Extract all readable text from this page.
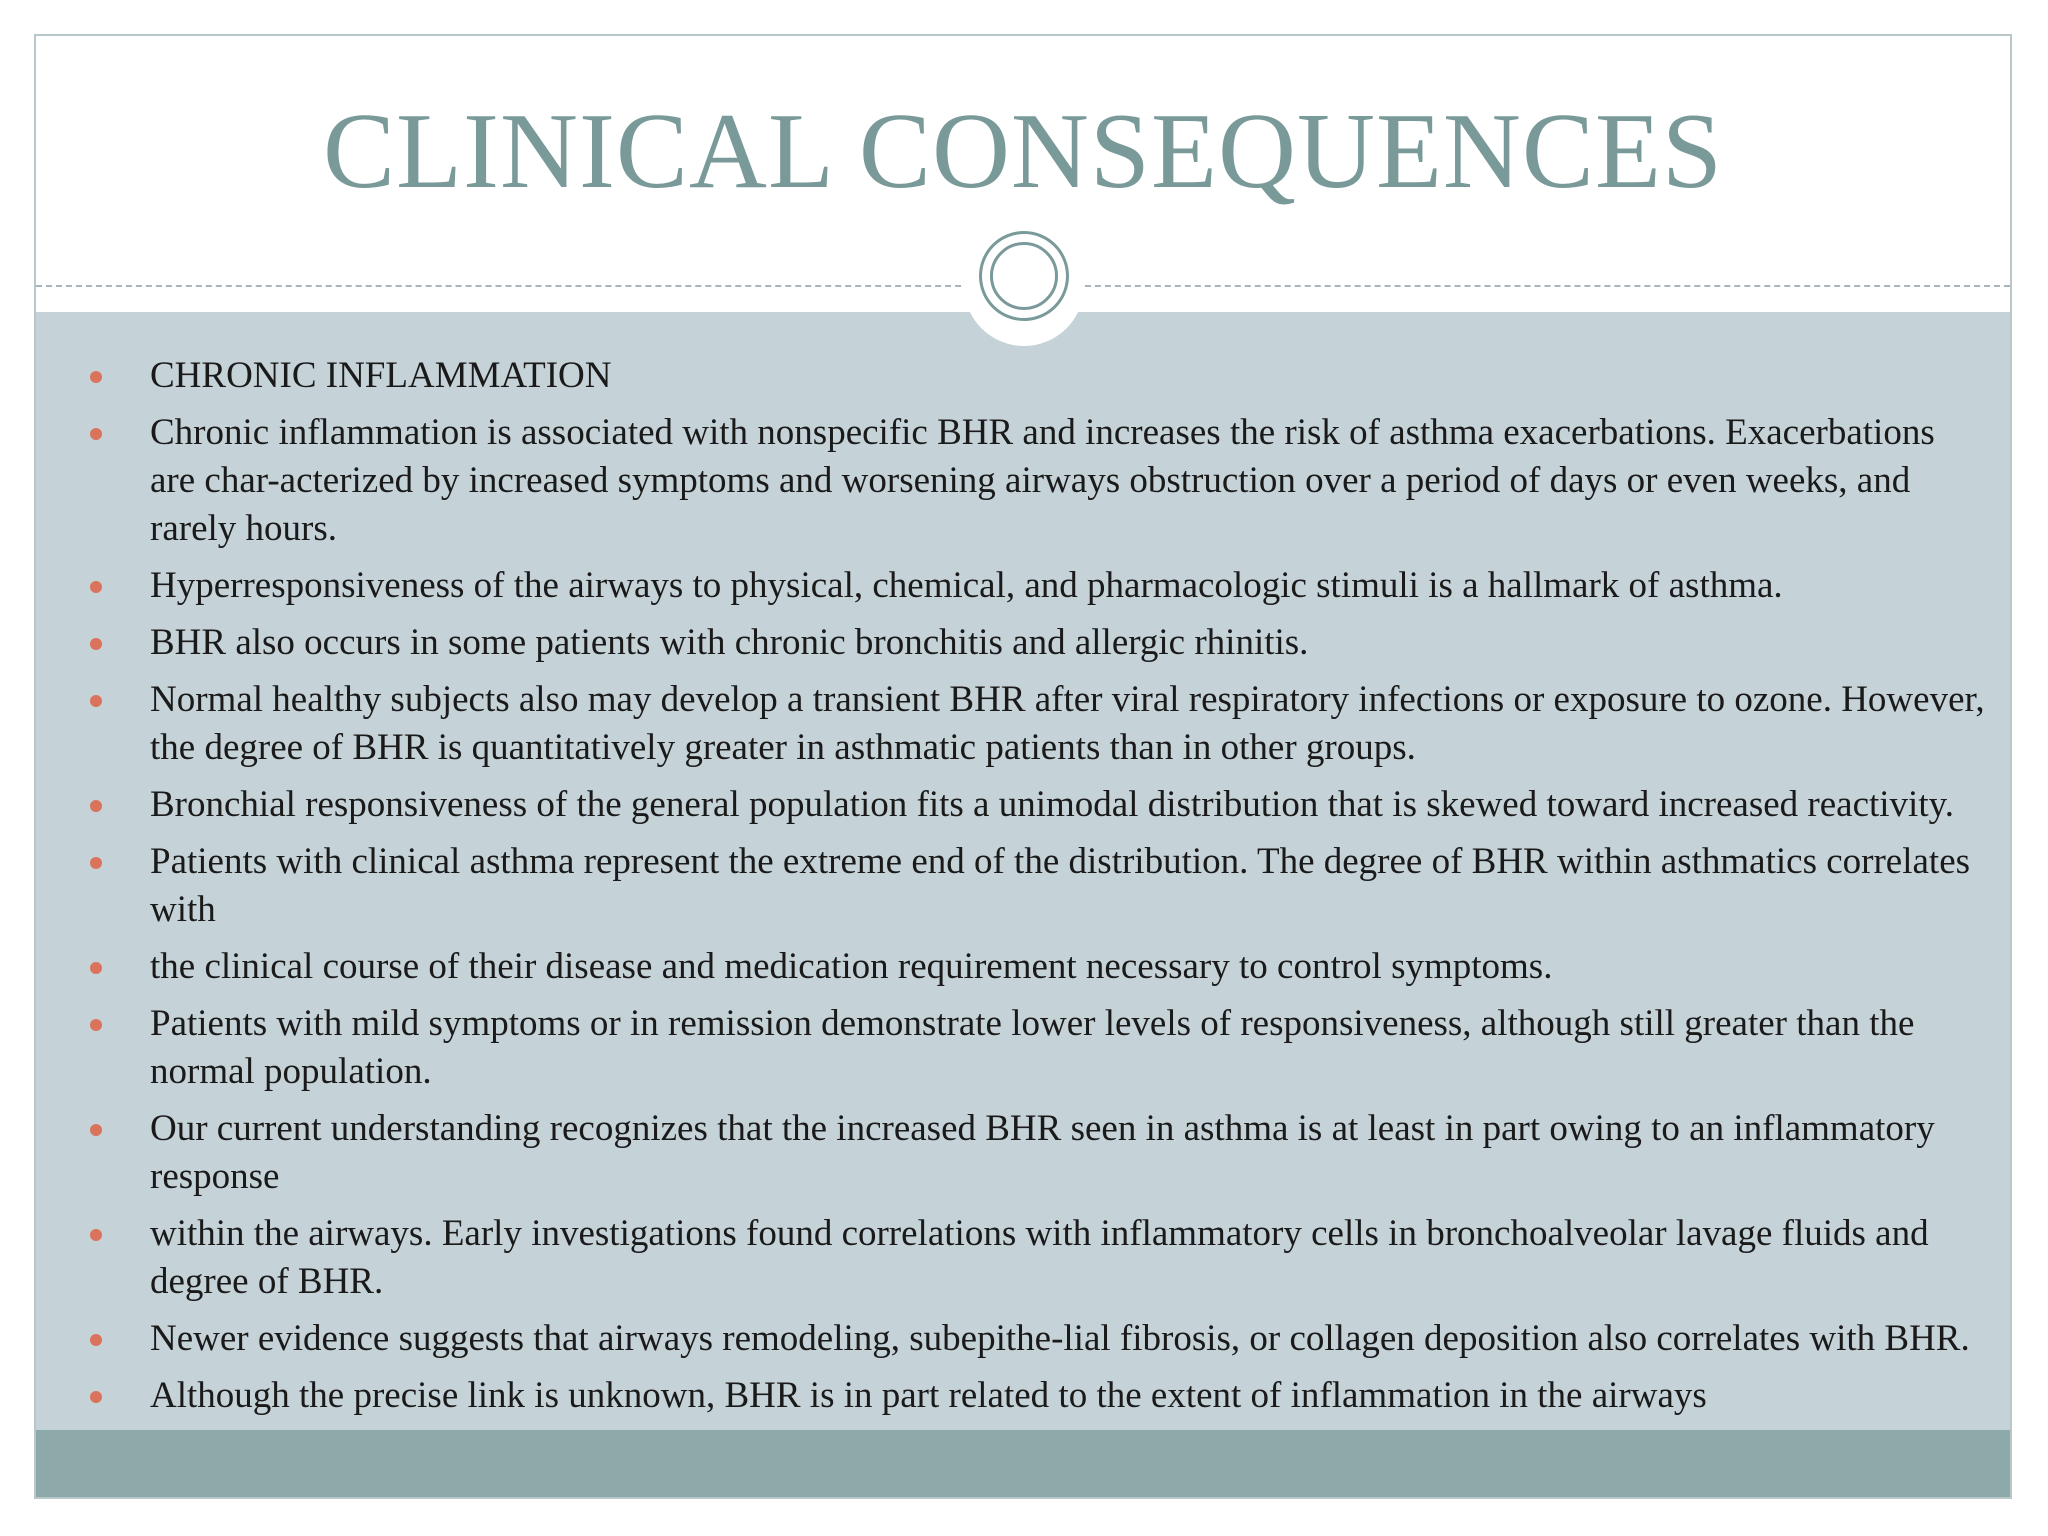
CLINICAL CONSEQUENCES
CHRONIC INFLAMMATION
Chronic inflammation is associated with nonspecific BHR and increases the risk of asthma exacerbations. Exacerbations are char-acterized by increased symptoms and worsening airways obstruction over a period of days or even weeks, and rarely hours.
Hyperresponsiveness of the airways to physical, chemical, and pharmacologic stimuli is a hallmark of asthma.
BHR also occurs in some patients with chronic bronchitis and allergic rhinitis.
Normal healthy subjects also may develop a transient BHR after viral respiratory infections or exposure to ozone. However, the degree of BHR is quantitatively greater in asthmatic patients than in other groups.
Bronchial responsiveness of the general population fits a unimodal distribution that is skewed toward increased reactivity.
Patients with clinical asthma represent the extreme end of the distribution. The degree of BHR within asthmatics correlates with
the clinical course of their disease and medication requirement necessary to control symptoms.
Patients with mild symptoms or in remission demonstrate lower levels of responsiveness, although still greater than the normal population.
Our current understanding recognizes that the increased BHR seen in asthma is at least in part owing to an inflammatory response
within the airways. Early investigations found correlations with inflammatory cells in bronchoalveolar lavage fluids and degree of BHR.
Newer evidence suggests that airways remodeling, subepithe-lial fibrosis, or collagen deposition also correlates with BHR.
Although the precise link is unknown, BHR is in part related to the extent of inflammation in the airways
